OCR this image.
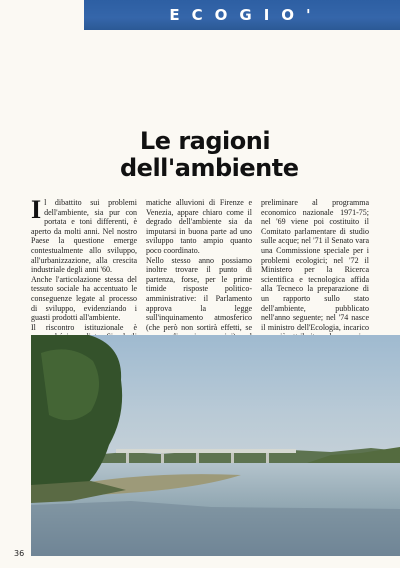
ECOGIO'
Le ragioni
dell'ambiente

Il dibattito sui problemi dell'ambiente, sia pur con portata e toni differenti, è aperto da molti anni. Nel nostro Paese la questione emerge contestualmente allo sviluppo, all'urbanizzazione, alla crescita industriale degli anni '60.

Anche l'articolazione stessa del tessuto sociale ha accentuato le conseguenze legate al processo di sviluppo, evidenziando i guasti prodotti all'ambiente.

Il riscontro istituzionale è

matiche alluvioni di Firenze e Venezia, appare chiaro come il degrado dell'ambiente sia da imputarsi in buona parte ad uno sviluppo tanto ampio quanto poco coordinato.

Nello stesso anno possiamo inoltre trovare il punto di partenza, forse, per le prime timide risposte politico-amministrative: il Parlamento approva la legge sull'inquinamento atmosferico (che però non sortirà effetti, se

preliminare al programma economico nazionale 1971-75; nel '69 viene poi costituito il Comitato parlamentare di studio sulle acque; nel '71 il Senato vara una Commissione speciale per i problemi ecologici; nel '72 il Ministero per la Ricerca scientifica e tecnologica affida alla Tecneco la preparazione di un rapporto sullo stato dell'ambiente, pubblicato nell'anno seguente; nel '74 nasce il ministro dell'Ecologia, incarico

36
